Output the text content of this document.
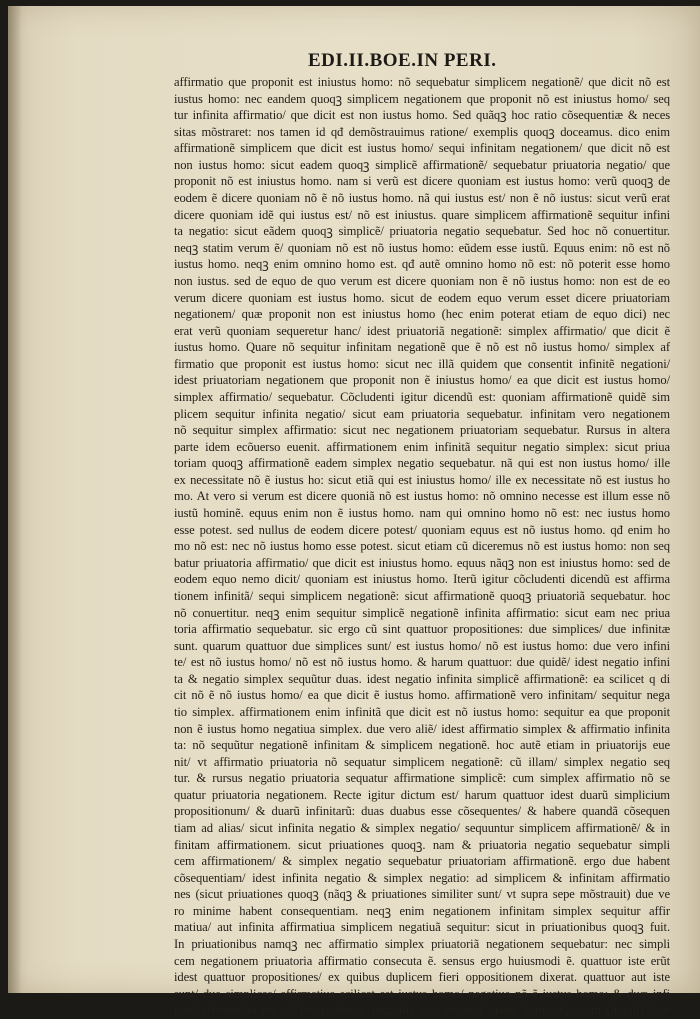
EDI.II.BOE.IN PERI.
affirmatio que proponit est iniustus homo: nõ sequebatur simplicem negationẽ/ que dicit nõ est
iustus homo: nec eandem quoqꝫ simplicem negationem que proponit nõ est iniustus homo/ seq
tur infinita affirmatio/ que dicit est non iustus homo. Sed quãqꝫ hoc ratio cõsequentiæ & neces
sitas mõstraret: nos tamen id qđ demõstrauimus ratione/ exemplis quoqꝫ doceamus. dico enim
affirmationẽ simplicem que dicit est iustus homo/ sequi infinitam negationem/ que dicit nõ est
non iustus homo: sicut eadem quoqꝫ simplicẽ affirmationẽ/ sequebatur priuatoria negatio/ que
proponit nõ est iniustus homo. nam si verũ est dicere quoniam est iustus homo: verũ quoqꝫ de
eodem ẽ dicere quoniam nõ ẽ nõ iustus homo. nã qui iustus est/ non ẽ nõ iustus: sicut verũ erat
dicere quoniam idẽ qui iustus est/ nõ est iniustus. quare simplicem affirmationẽ sequitur infini
ta negatio: sicut eãdem quoqꝫ simplicẽ/ priuatoria negatio sequebatur. Sed hoc nõ conuertitur.
neqꝫ statim verum ẽ/ quoniam nõ est nõ iustus homo: eũdem esse iustũ. Equus enim: nõ est nõ
iustus homo. neqꝫ enim omnino homo est. qđ autẽ omnino homo nõ est: nõ poterit esse homo
non iustus. sed de equo de quo verum est dicere quoniam non ẽ nõ iustus homo: non est de eo
verum dicere quoniam est iustus homo. sicut de eodem equo verum esset dicere priuatoriam
negationem/ quæ proponit non est iniustus homo (hec enim poterat etiam de equo dici) nec
erat verũ quoniam sequeretur hanc/ idest priuatoriã negationẽ: simplex affirmatio/ que dicit ẽ
iustus homo. Quare nõ sequitur infinitam negationẽ que ẽ nõ est nõ iustus homo/ simplex af
firmatio que proponit est iustus homo: sicut nec illã quidem que consentit infinitẽ negationi/
idest priuatoriam negationem que proponit non ẽ iniustus homo/ ea que dicit est iustus homo/
simplex affirmatio/ sequebatur. Cõcludenti igitur dicendũ est: quoniam affirmationẽ quidẽ sim
plicem sequitur infinita negatio/ sicut eam priuatoria sequebatur. infinitam vero negationem
nõ sequitur simplex affirmatio: sicut nec negationem priuatoriam sequebatur. Rursus in altera
parte idem ecõuerso euenit. affirmationem enim infinitã sequitur negatio simplex: sicut priua
toriam quoqꝫ affirmationẽ eadem simplex negatio sequebatur. nã qui est non iustus homo/ ille
ex necessitate nõ ẽ iustus ho: sicut etiã qui est iniustus homo/ ille ex necessitate nõ est iustus ho
mo. At vero si verum est dicere quoniã nõ est iustus homo: nõ omnino necesse est illum esse nõ
iustũ hominẽ. equus enim non ẽ iustus homo. nam qui omnino homo nõ est: nec iustus homo
esse potest. sed nullus de eodem dicere potest/ quoniam equus est nõ iustus homo. qđ enim ho
mo nõ est: nec nõ iustus homo esse potest. sicut etiam cũ diceremus nõ est iustus homo: non seq
batur priuatoria affirmatio/ que dicit est iniustus homo. equus nãqꝫ non est iniustus homo: sed de
eodem equo nemo dicit/ quoniam est iniustus homo. Iterũ igitur cõcludenti dicendũ est affirma
tionem infinitã/ sequi simplicem negationẽ: sicut affirmationẽ quoqꝫ priuatoriã sequebatur. hoc
nõ conuertitur. neqꝫ enim sequitur simplicẽ negationẽ infinita affirmatio: sicut eam nec priua
toria affirmatio sequebatur. sic ergo cũ sint quattuor propositiones: due simplices/ due infinitæ
sunt. quarum quattuor due simplices sunt/ est iustus homo/ nõ est iustus homo: due vero infini
te/ est nõ iustus homo/ nõ est nõ iustus homo. & harum quattuor: due quidẽ/ idest negatio infini
ta & negatio simplex sequũtur duas. idest negatio infinita simplicẽ affirmationẽ: ea scilicet q di
cit nõ ẽ nõ iustus homo/ ea que dicit ẽ iustus homo. affirmationẽ vero infinitam/ sequitur nega
tio simplex. affirmationem enim infinitã que dicit est nõ iustus homo: sequitur ea que proponit
non ẽ iustus homo negatiua simplex. due vero aliẽ/ idest affirmatio simplex & affirmatio infinita
ta: nõ sequũtur negationẽ infinitam & simplicem negationẽ. hoc autẽ etiam in priuatorijs eue
nit/ vt affirmatio priuatoria nõ sequatur simplicem negationẽ: cũ illam/ simplex negatio seq
tur. & rursus negatio priuatoria sequatur affirmatione simplicẽ: cum simplex affirmatio nõ se
quatur priuatoria negationem. Recte igitur dictum est/ harum quattuor idest duarũ simplicium
propositionum/ & duarũ infinitarũ: duas duabus esse cõsequentes/ & habere quandã cõsequen
tiam ad alias/ sicut infinita negatio & simplex negatio/ sequuntur simplicem affirmationẽ/ & in
finitam affirmationem. sicut priuationes quoqꝫ. nam & priuatoria negatio sequebatur simpli
cem affirmationem/ & simplex negatio sequebatur priuatoriam affirmationẽ. ergo due habent
cõsequentiam/ idest infinita negatio & simplex negatio: ad simplicem & infinitam affirmatio
nes (sicut priuationes quoqꝫ (nãqꝫ & priuationes similiter sunt/ vt supra sepe mõstrauit) due ve
ro minime habent consequentiam. neqꝫ enim negationem infinitam simplex sequitur affir
matiua/ aut infinita affirmatiua simplicem negatiuã sequitur: sicut in priuationibus quoqꝫ fuit.
In priuationibus namqꝫ nec affirmatio simplex priuatoriã negationem sequebatur: nec simpli
cem negationem priuatoria affirmatio consecuta ẽ. sensus ergo huiusmodi ẽ. quattuor iste erũt
idest quattuor propositiones/ ex quibus duplicem fieri oppositionem dixerat. quattuor aut iste
sunt/ due simplices/ affirmatiua scilicet est iustus homo/ negatiua nõ ẽ iustus homo: & duæ infi
nite/ affirmatiua est nõ iustus homo/ negatiua non est non iustus homo. Quarum (inquit) duæ
